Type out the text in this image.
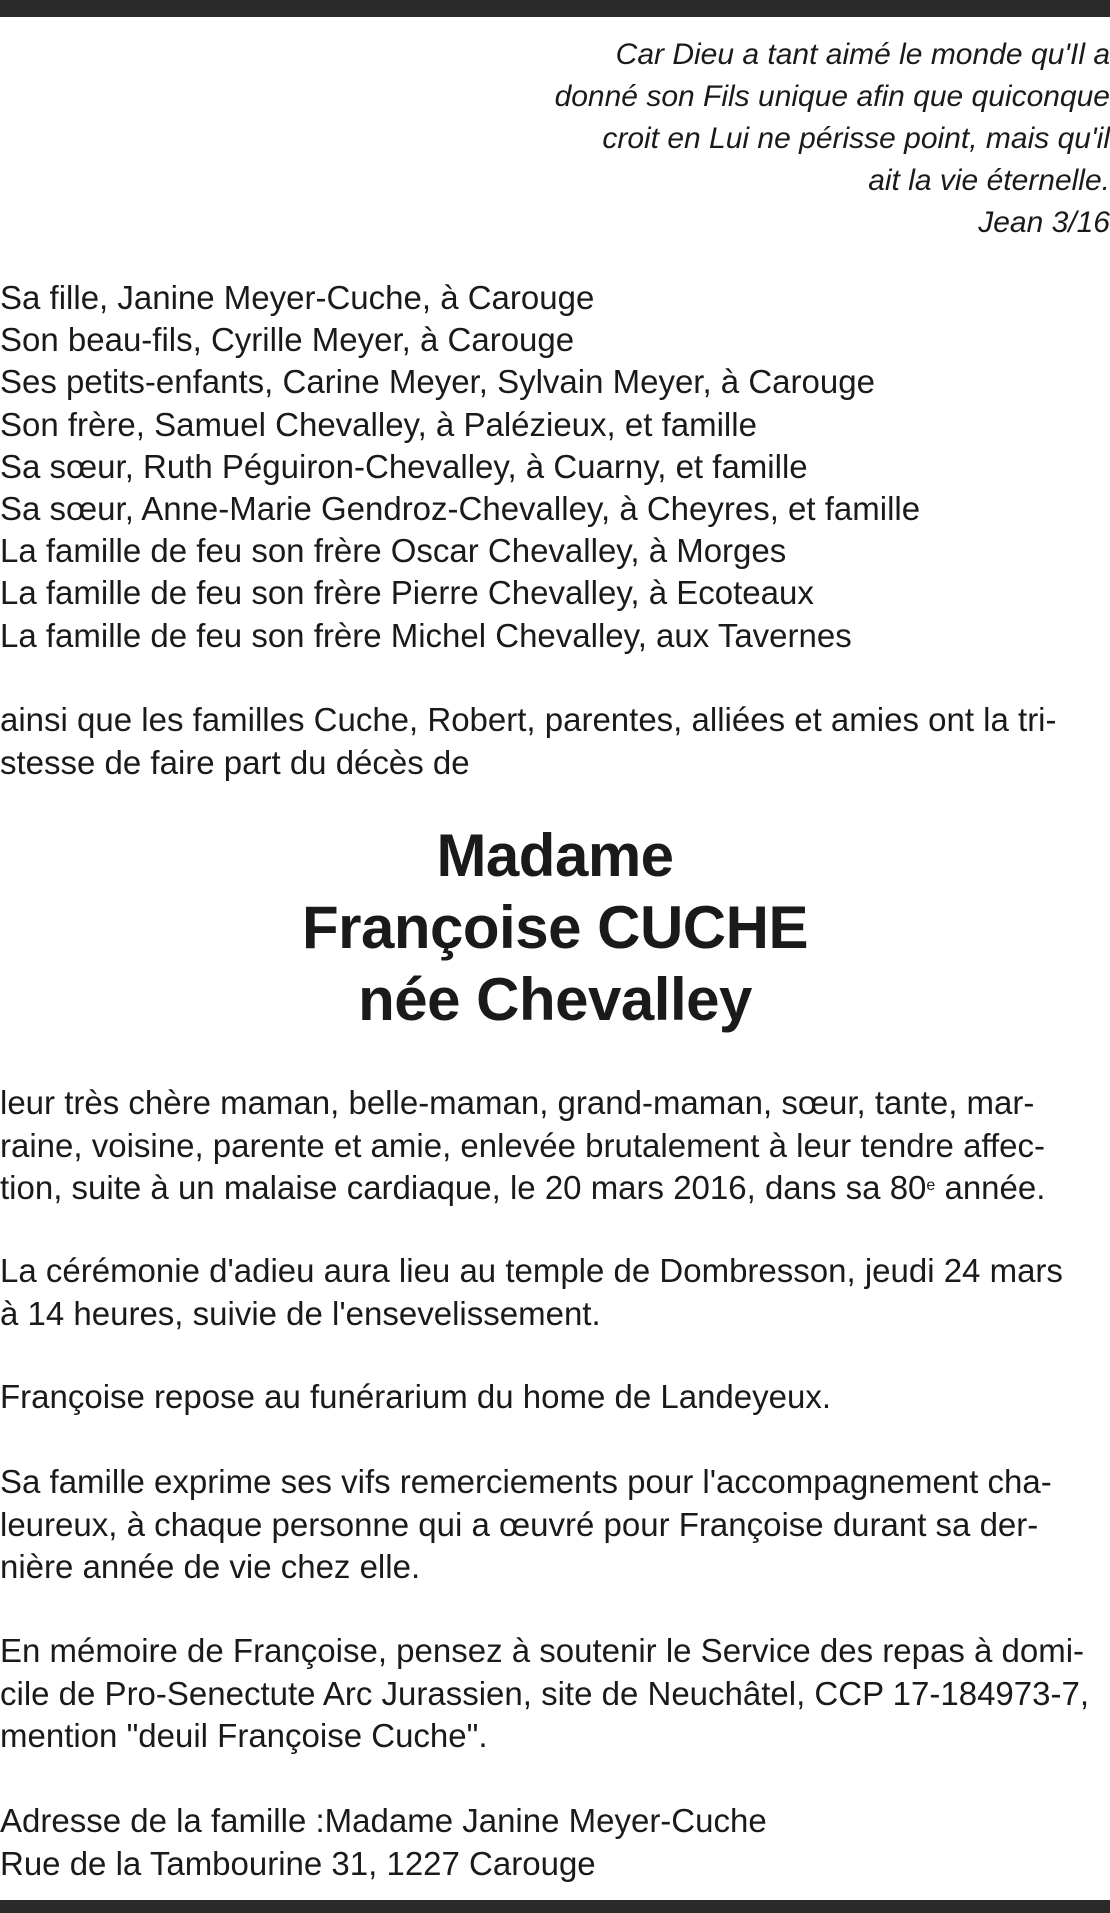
Car Dieu a tant aimé le monde qu'Il a
donné son Fils unique afin que quiconque
croit en Lui ne périsse point, mais qu'il
ait la vie éternelle.
Jean 3/16
Sa fille, Janine Meyer-Cuche, à Carouge
Son beau-fils, Cyrille Meyer, à Carouge
Ses petits-enfants, Carine Meyer, Sylvain Meyer, à Carouge
Son frère, Samuel Chevalley, à Palézieux, et famille
Sa sœur, Ruth Péguiron-Chevalley, à Cuarny, et famille
Sa sœur, Anne-Marie Gendroz-Chevalley, à Cheyres, et famille
La famille de feu son frère Oscar Chevalley, à Morges
La famille de feu son frère Pierre Chevalley, à Ecoteaux
La famille de feu son frère Michel Chevalley, aux Tavernes
ainsi que les familles Cuche, Robert, parentes, alliées et amies ont la tri-
stesse de faire part du décès de
Madame
Françoise CUCHE
née Chevalley
leur très chère maman, belle-maman, grand-maman, sœur, tante, mar-
raine, voisine, parente et amie, enlevée brutalement à leur tendre affec-
tion, suite à un malaise cardiaque, le 20 mars 2016, dans sa 80e année.
La cérémonie d'adieu aura lieu au temple de Dombresson, jeudi 24 mars
à 14 heures, suivie de l'ensevelissement.
Françoise repose au funérarium du home de Landeyeux.
Sa famille exprime ses vifs remerciements pour l'accompagnement cha-
leureux, à chaque personne qui a œuvré pour Françoise durant sa der-
nière année de vie chez elle.
En mémoire de Françoise, pensez à soutenir le Service des repas à domi-
cile de Pro-Senectute Arc Jurassien, site de Neuchâtel, CCP 17-184973-7,
mention "deuil Françoise Cuche".
Adresse de la famille :Madame Janine Meyer-Cuche
Rue de la Tambourine 31, 1227 Carouge
